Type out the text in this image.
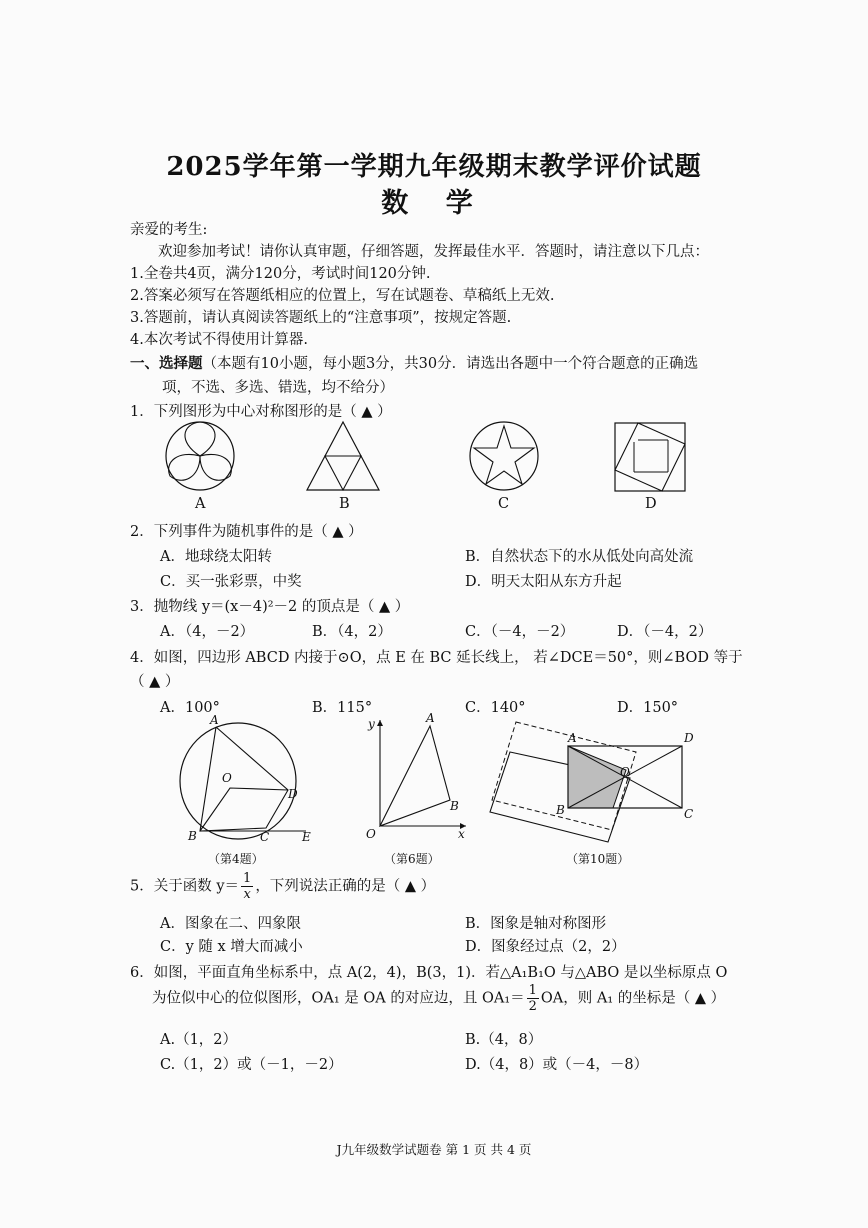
2025学年第一学期九年级期末教学评价试题
数 学
亲爱的考生:
欢迎参加考试！请你认真审题，仔细答题，发挥最佳水平．答题时，请注意以下几点：
1.全卷共4页，满分120分，考试时间120分钟.
2.答案必须写在答题纸相应的位置上，写在试题卷、草稿纸上无效.
3.答题前，请认真阅读答题纸上的“注意事项”，按规定答题.
4.本次考试不得使用计算器.
一、选择题（本题有10小题，每小题3分，共30分．请选出各题中一个符合题意的正确选
项，不选、多选、错选，均不给分）
1．下列图形为中心对称图形的是（ ▲ ）
A	B	C	D
2．下列事件为随机事件的是（ ▲ ）
A．地球绕太阳转	B．自然状态下的水从低处向高处流
C．买一张彩票，中奖	D．明天太阳从东方升起
3．抛物线 y＝(x－4)²－2 的顶点是（ ▲ ）
A．（4，－2）	B．（4，2）	C．（－4，－2）	D．（－4，2）
4．如图，四边形 ABCD 内接于⊙O，点 E 在 BC 延长线上， 若∠DCE＝50°，则∠BOD 等于
（ ▲ ）
A．100°	B．115°	C．140°	D．150°
A
O
D
B	C	E
（第4题）
y	A
B
O	x
（第6题）
A	D
O
B	C
（第10题）
5．关于函数 $y= \frac{1}{x}$ ，下列说法正确的是（ ▲ ）
A．图象在二、四象限	B．图象是轴对称图形
C．y 随 x 增大而减小	D．图象经过点（2，2）
6．如图，平面直角坐标系中，点 A(2，4)，B(3，1)．若△A₁B₁O 与△ABO 是以坐标原点 O
为位似中心的位似图形，OA₁ 是 OA 的对应边，且 $OA_1= \frac{1}{2}$ OA，则 A₁ 的坐标是（ ▲ ）
A.（1，2）	B.（4，8）
C.（1，2）或（－1，－2）	D.（4，8）或（－4，－8）
J九年级数学试题卷 第 1 页 共 4 页
